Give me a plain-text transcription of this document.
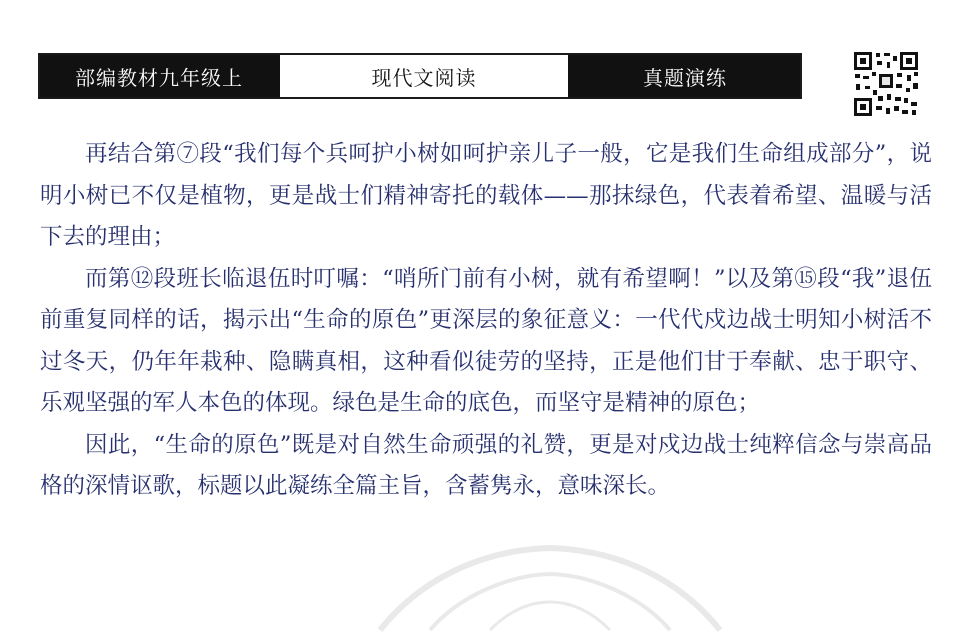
部编教材九年级上	现代文阅读	真题演练

再结合第⑦段“我们每个兵呵护小树如呵护亲儿子一般，它是我们生命组成部分”，说明小树已不仅是植物，更是战士们精神寄托的载体——那抹绿色，代表着希望、温暖与活下去的理由；

而第⑫段班长临退伍时叮嘱：“哨所门前有小树，就有希望啊！”以及第⑮段“我”退伍前重复同样的话，揭示出“生命的原色”更深层的象征意义：一代代戍边战士明知小树活不过冬天，仍年年栽种、隐瞒真相，这种看似徒劳的坚持，正是他们甘于奉献、忠于职守、乐观坚强的军人本色的体现。绿色是生命的底色，而坚守是精神的原色；

因此，“生命的原色”既是对自然生命顽强的礼赞，更是对戍边战士纯粹信念与崇高品格的深情讴歌，标题以此凝练全篇主旨，含蓄隽永，意味深长。
